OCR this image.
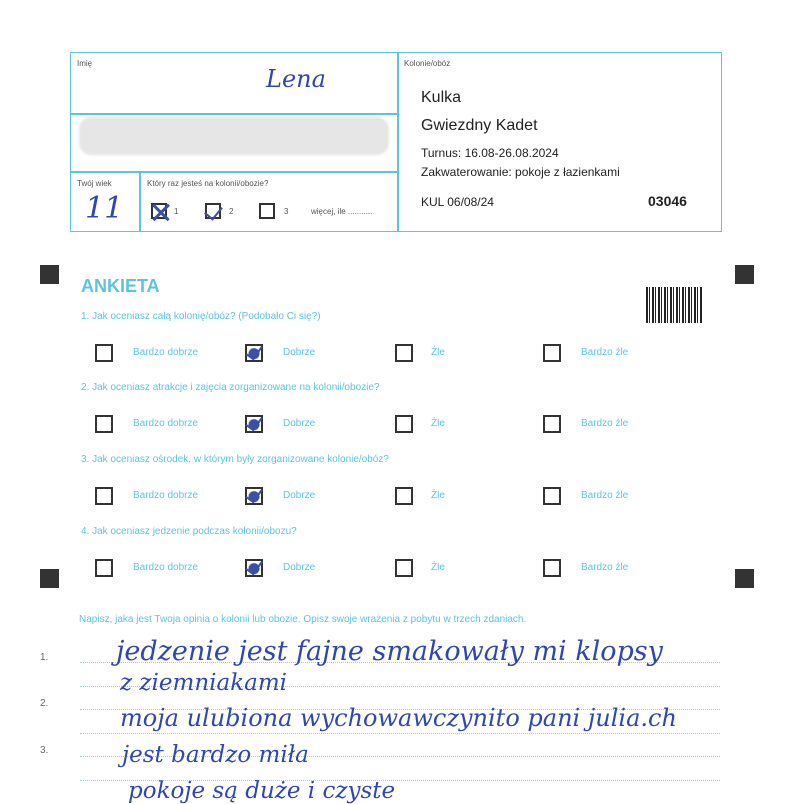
Imię
Lena
Twój wiek
11
Który raz jesteś na kolonii/obozie?
1	2	3	więcej, ile ...........
Kolonie/obóz
Kulka
Gwiezdny Kadet
Turnus: 16.08-26.08.2024
Zakwaterowanie: pokoje z łazienkami
KUL 06/08/24	03046
ANKIETA
1. Jak oceniasz całą kolonię/obóz? (Podobało Ci się?)
Bardzo dobrze	Dobrze	Źle	Bardzo źle
2. Jak oceniasz atrakcje i zajęcia zorganizowane na kolonii/obozie?
Bardzo dobrze	Dobrze	Źle	Bardzo źle
3. Jak oceniasz ośrodek, w którym były zorganizowane kolonie/obóz?
Bardzo dobrze	Dobrze	Źle	Bardzo źle
4. Jak oceniasz jedzenie podczas kolonii/obozu?
Bardzo dobrze	Dobrze	Źle	Bardzo źle
Napisz, jaka jest Twoja opinia o kolonii lub obozie. Opisz swoje wrażenia z pobytu w trzech zdaniach.
1.
2.
3.
jedzenie jest fajne smakowały mi klopsy
z ziemniakami
moja ulubiona wychowawczynito pani julia.ch
jest bardzo miła
pokoje są duże i czyste
